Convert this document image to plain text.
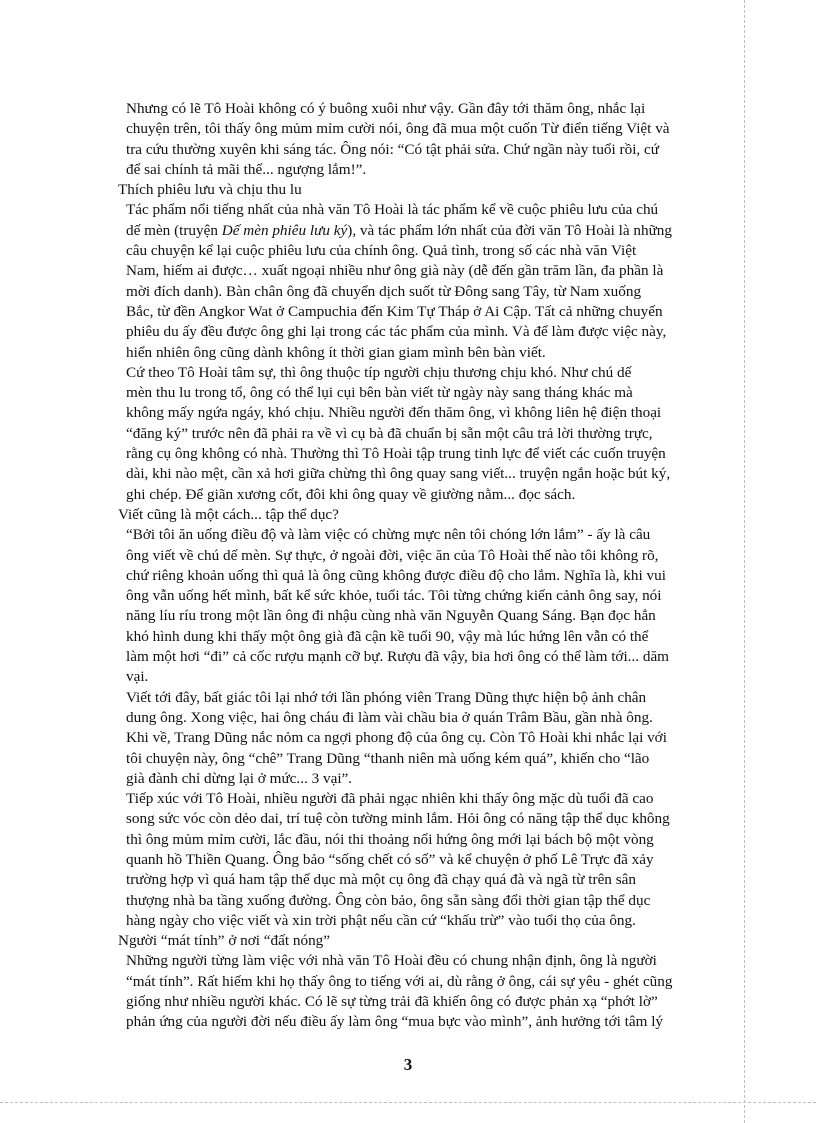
Nhưng có lẽ Tô Hoài không có ý buông xuôi như vậy. Gần đây tới thăm ông, nhắc lại
chuyện trên, tôi thấy ông mủm mỉm cười nói, ông đã mua một cuốn Từ điển tiếng Việt và
tra cứu thường xuyên khi sáng tác. Ông nói: “Có tật phải sửa. Chứ ngần này tuổi rồi, cứ
để sai chính tả mãi thế... ngượng lắm!”.
Thích phiêu lưu và chịu thu lu
Tác phẩm nổi tiếng nhất của nhà văn Tô Hoài là tác phẩm kể về cuộc phiêu lưu của chú
dế mèn (truyện Dế mèn phiêu lưu ký), và tác phẩm lớn nhất của đời văn Tô Hoài là những
câu chuyện kể lại cuộc phiêu lưu của chính ông. Quả tình, trong số các nhà văn Việt
Nam, hiếm ai được… xuất ngoại nhiều như ông già này (dễ đến gần trăm lần, đa phần là
mời đích danh). Bàn chân ông đã chuyển dịch suốt từ Đông sang Tây, từ Nam xuống
Bắc, từ đền Angkor Wat ở Campuchia đến Kim Tự Tháp ở Ai Cập. Tất cả những chuyến
phiêu du ấy đều được ông ghi lại trong các tác phẩm của mình. Và để làm được việc này,
hiển nhiên ông cũng dành không ít thời gian giam mình bên bàn viết.
Cứ theo Tô Hoài tâm sự, thì ông thuộc típ người chịu thương chịu khó. Như chú dế
mèn thu lu trong tổ, ông có thể lụi cụi bên bàn viết từ ngày này sang tháng khác mà
không mấy ngứa ngáy, khó chịu. Nhiều người đến thăm ông, vì không liên hệ điện thoại
“đăng ký” trước nên đã phải ra về vì cụ bà đã chuẩn bị sẵn một câu trả lời thường trực,
rằng cụ ông không có nhà. Thường thì Tô Hoài tập trung tinh lực để viết các cuốn truyện
dài, khi nào mệt, cần xả hơi giữa chừng thì ông quay sang viết... truyện ngắn hoặc bút ký,
ghi chép. Để giãn xương cốt, đôi khi ông quay về giường nằm... đọc sách.
Viết cũng là một cách... tập thể dục?
“Bởi tôi ăn uống điều độ và làm việc có chừng mực nên tôi chóng lớn lắm” - ấy là câu
ông viết về chú dế mèn. Sự thực, ở ngoài đời, việc ăn của Tô Hoài thế nào tôi không rõ,
chứ riêng khoản uống thì quả là ông cũng không được điều độ cho lắm. Nghĩa là, khi vui
ông vẫn uống hết mình, bất kể sức khỏe, tuổi tác. Tôi từng chứng kiến cảnh ông say, nói
năng líu ríu trong một lần ông đi nhậu cùng nhà văn Nguyễn Quang Sáng. Bạn đọc hẳn
khó hình dung khi thấy một ông già đã cận kề tuổi 90, vậy mà lúc hứng lên vẫn có thể
làm một hơi “đi” cả cốc rượu mạnh cỡ bự. Rượu đã vậy, bia hơi ông có thể làm tới... dăm
vại.
Viết tới đây, bất giác tôi lại nhớ tới lần phóng viên Trang Dũng thực hiện bộ ảnh chân
dung ông. Xong việc, hai ông cháu đi làm vài chầu bia ở quán Trâm Bầu, gần nhà ông.
Khi về, Trang Dũng nắc nỏm ca ngợi phong độ của ông cụ. Còn Tô Hoài khi nhắc lại với
tôi chuyện này, ông “chê” Trang Dũng “thanh niên mà uống kém quá”, khiến cho “lão
già đành chỉ dừng lại ở mức... 3 vại”.
Tiếp xúc với Tô Hoài, nhiều người đã phải ngạc nhiên khi thấy ông mặc dù tuổi đã cao
song sức vóc còn dẻo dai, trí tuệ còn tường minh lắm. Hỏi ông có năng tập thể dục không
thì ông mủm mỉm cười, lắc đầu, nói thi thoảng nổi hứng ông mới lại bách bộ một vòng
quanh hồ Thiền Quang. Ông bảo “sống chết có số” và kể chuyện ở phố Lê Trực đã xảy
trường hợp vì quá ham tập thể dục mà một cụ ông đã chạy quá đà và ngã từ trên sân
thượng nhà ba tầng xuống đường. Ông còn bảo, ông sẵn sàng đổi thời gian tập thể dục
hàng ngày cho việc viết và xin trời phật nếu cần cứ “khấu trừ” vào tuổi thọ của ông.
Người “mát tính” ở nơi “đất nóng”
Những người từng làm việc với nhà văn Tô Hoài đều có chung nhận định, ông là người
“mát tính”. Rất hiếm khi họ thấy ông to tiếng với ai, dù rằng ở ông, cái sự yêu - ghét cũng
giống như nhiều người khác. Có lẽ sự từng trải đã khiến ông có được phản xạ “phớt lờ”
phản ứng của người đời nếu điều ấy làm ông “mua bực vào mình”, ảnh hưởng tới tâm lý
3
